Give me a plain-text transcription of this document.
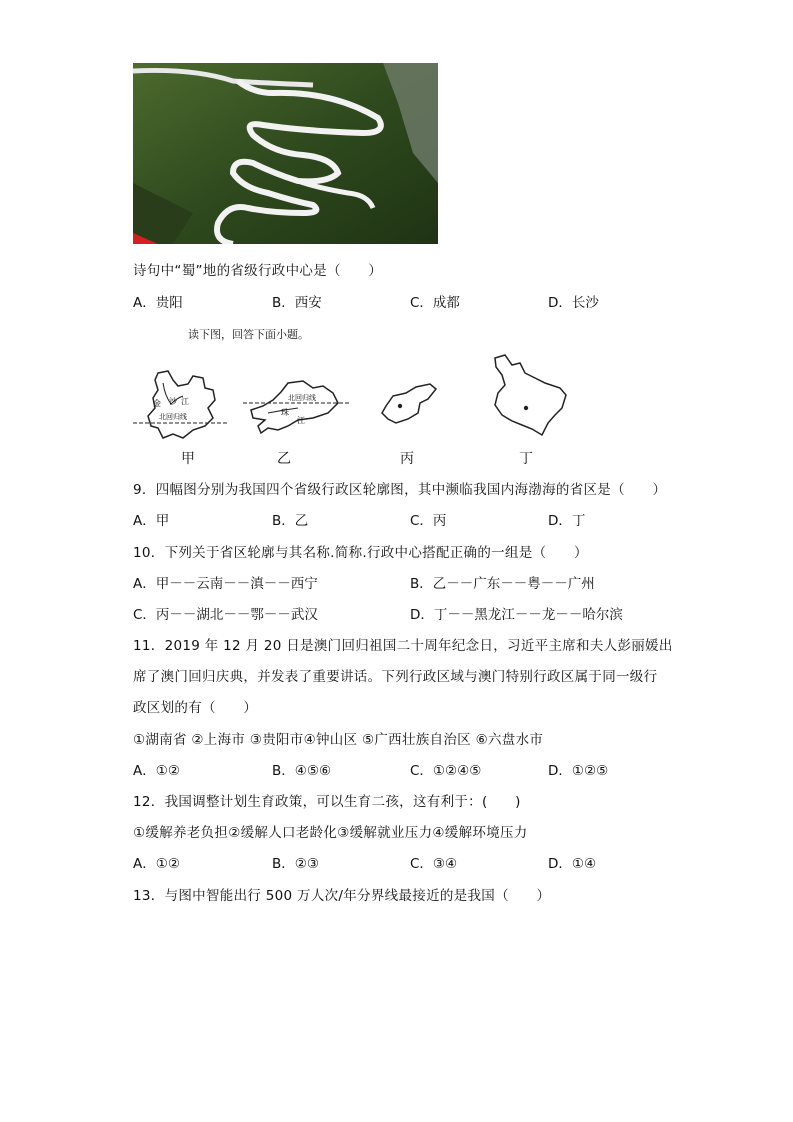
诗句中“蜀”地的省级行政中心是（　　）
A．贵阳	B．西安	C．成都	D．长沙
读下图，回答下面小题。
金 沙 江
北回归线
北回归线
珠
江
甲	乙	丙	丁
9．四幅图分别为我国四个省级行政区轮廓图，其中濒临我国内海渤海的省区是（　　）
A．甲	B．乙	C．丙	D．丁
10．下列关于省区轮廓与其名称.简称.行政中心搭配正确的一组是（　　）
A．甲－－云南－－滇－－西宁	B．乙－－广东－－粤－－广州
C．丙－－湖北－－鄂－－武汉	D．丁－－黑龙江－－龙－－哈尔滨
11．2019 年 12 月 20 日是澳门回归祖国二十周年纪念日，习近平主席和夫人彭丽媛出
席了澳门回归庆典，并发表了重要讲话。下列行政区域与澳门特别行政区属于同一级行
政区划的有（　　）
①湖南省 ②上海市 ③贵阳市④钟山区 ⑤广西壮族自治区 ⑥六盘水市
A．①②	B．④⑤⑥	C．①②④⑤	D．①②⑤
12．我国调整计划生育政策，可以生育二孩，这有利于：(　　)
①缓解养老负担②缓解人口老龄化③缓解就业压力④缓解环境压力
A．①②	B．②③	C．③④	D．①④
13．与图中智能出行 500 万人次/年分界线最接近的是我国（　　）
